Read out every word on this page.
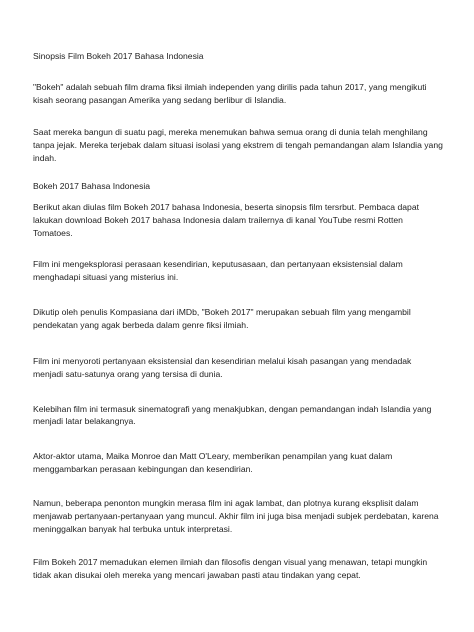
Sinopsis Film Bokeh 2017 Bahasa Indonesia

"Bokeh" adalah sebuah film drama fiksi ilmiah independen yang dirilis pada tahun 2017, yang mengikuti kisah seorang pasangan Amerika yang sedang berlibur di Islandia.

Saat mereka bangun di suatu pagi, mereka menemukan bahwa semua orang di dunia telah menghilang tanpa jejak. Mereka terjebak dalam situasi isolasi yang ekstrem di tengah pemandangan alam Islandia yang indah.

Bokeh 2017 Bahasa Indonesia

Berikut akan diulas film Bokeh 2017 bahasa Indonesia, beserta sinopsis film tersrbut. Pembaca dapat lakukan download Bokeh 2017 bahasa Indonesia dalam trailernya di kanal YouTube resmi Rotten Tomatoes.

Film ini mengeksplorasi perasaan kesendirian, keputusasaan, dan pertanyaan eksistensial dalam menghadapi situasi yang misterius ini.

Dikutip oleh penulis Kompasiana dari iMDb, "Bokeh 2017" merupakan sebuah film yang mengambil pendekatan yang agak berbeda dalam genre fiksi ilmiah.

Film ini menyoroti pertanyaan eksistensial dan kesendirian melalui kisah pasangan yang mendadak menjadi satu-satunya orang yang tersisa di dunia.

Kelebihan film ini termasuk sinematografi yang menakjubkan, dengan pemandangan indah Islandia yang menjadi latar belakangnya.

Aktor-aktor utama, Maika Monroe dan Matt O'Leary, memberikan penampilan yang kuat dalam menggambarkan perasaan kebingungan dan kesendirian.

Namun, beberapa penonton mungkin merasa film ini agak lambat, dan plotnya kurang eksplisit dalam menjawab pertanyaan-pertanyaan yang muncul. Akhir film ini juga bisa menjadi subjek perdebatan, karena meninggalkan banyak hal terbuka untuk interpretasi.

Film Bokeh 2017 memadukan elemen ilmiah dan filosofis dengan visual yang menawan, tetapi mungkin tidak akan disukai oleh mereka yang mencari jawaban pasti atau tindakan yang cepat.
